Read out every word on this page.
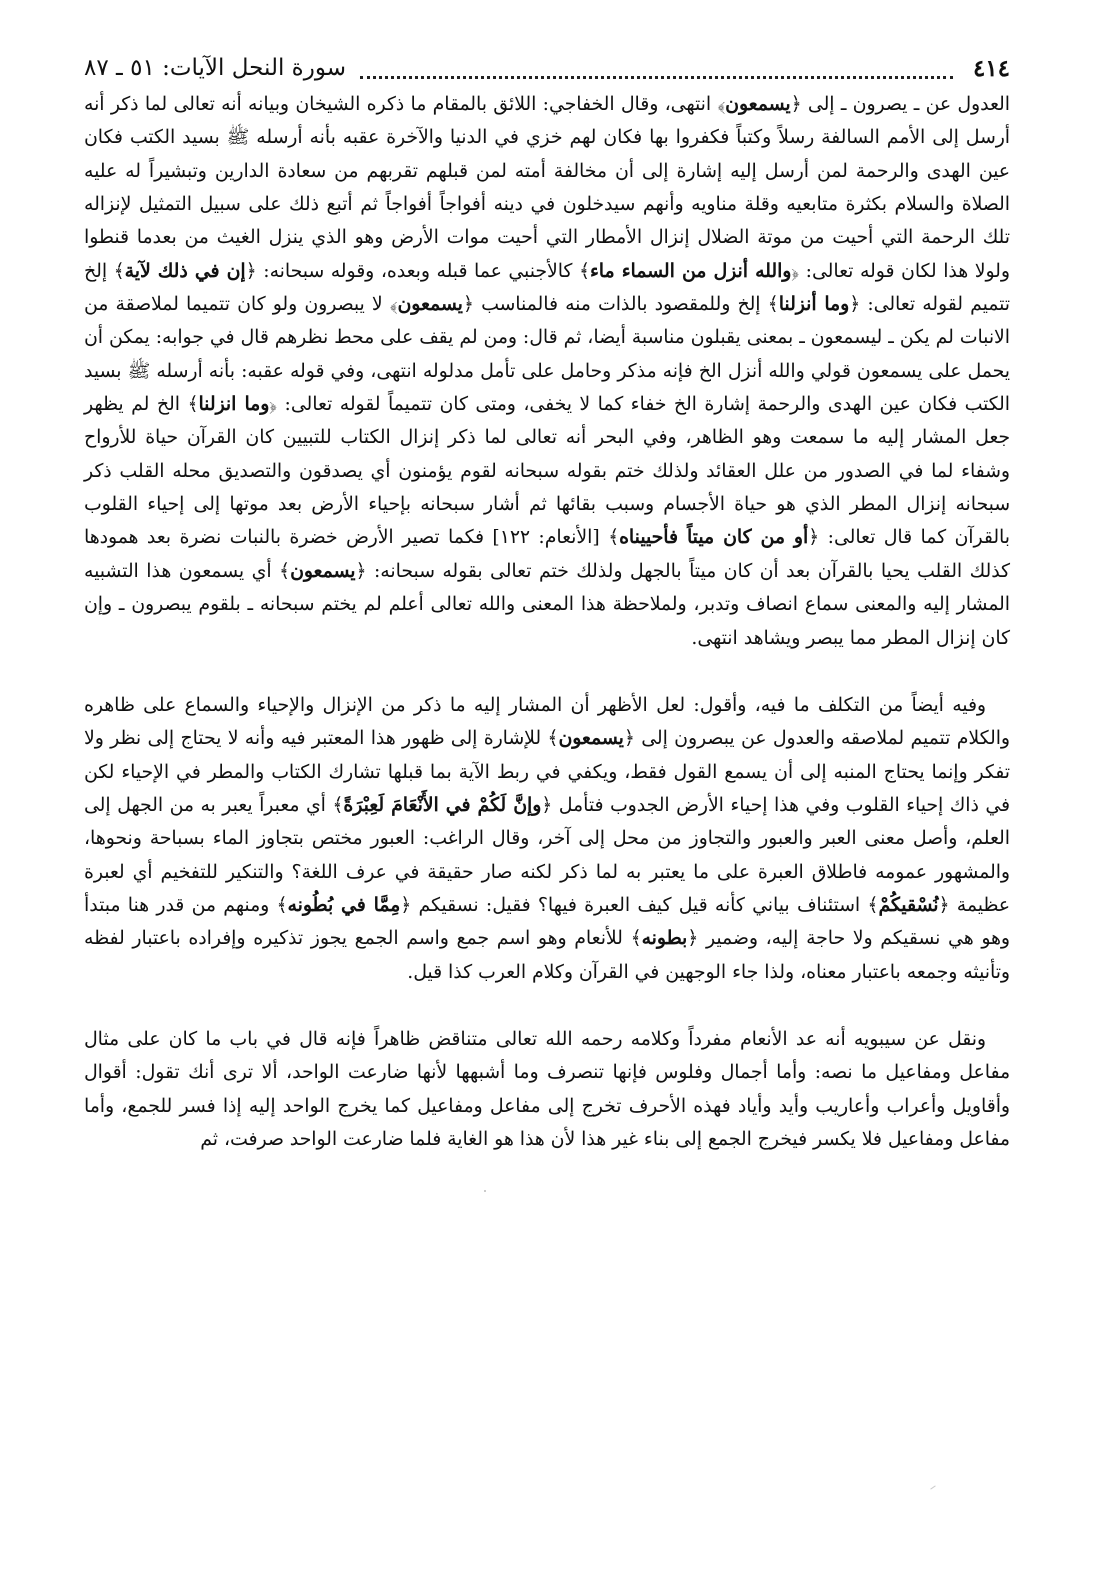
٤١٤
سورة النحل الآيات: ٥١ ـ ٨٧

العدول عن ـ يصرون ـ إلى ﴿يسمعون﴾ انتهى، وقال الخفاجي: اللائق بالمقام ما ذكره الشيخان وبيانه أنه تعالى لما ذكر أنه أرسل إلى الأمم السالفة رسلاً وكتباً فكفروا بها فكان لهم خزي في الدنيا والآخرة عقبه بأنه أرسله ﷺ بسيد الكتب فكان عين الهدى والرحمة لمن أرسل إليه إشارة إلى أن مخالفة أمته لمن قبلهم تقربهم من سعادة الدارين وتبشيراً له عليه الصلاة والسلام بكثرة متابعيه وقلة مناويه وأنهم سيدخلون في دينه أفواجاً أفواجاً ثم أتبع ذلك على سبيل التمثيل لإنزاله تلك الرحمة التي أحيت من موتة الضلال إنزال الأمطار التي أحيت موات الأرض وهو الذي ينزل الغيث من بعدما قنطوا ولولا هذا لكان قوله تعالى: ﴿والله أنزل من السماء ماء﴾ كالأجنبي عما قبله وبعده، وقوله سبحانه: ﴿إن في ذلك لآية﴾ إلخ تتميم لقوله تعالى: ﴿وما أنزلنا﴾ إلخ وللمقصود بالذات منه فالمناسب ﴿يسمعون﴾ لا يبصرون ولو كان تتميما لملاصقة من الانبات لم يكن ـ ليسمعون ـ بمعنى يقبلون مناسبة أيضا، ثم قال: ومن لم يقف على محط نظرهم قال في جوابه: يمكن أن يحمل على يسمعون قولي والله أنزل الخ فإنه مذكر وحامل على تأمل مدلوله انتهى، وفي قوله عقبه: بأنه أرسله ﷺ بسيد الكتب فكان عين الهدى والرحمة إشارة الخ خفاء كما لا يخفى، ومتى كان تتميماً لقوله تعالى: ﴿وما انزلنا﴾ الخ لم يظهر جعل المشار إليه ما سمعت وهو الظاهر، وفي البحر أنه تعالى لما ذكر إنزال الكتاب للتبيين كان القرآن حياة للأرواح وشفاء لما في الصدور من علل العقائد ولذلك ختم بقوله سبحانه لقوم يؤمنون أي يصدقون والتصديق محله القلب ذكر سبحانه إنزال المطر الذي هو حياة الأجسام وسبب بقائها ثم أشار سبحانه بإحياء الأرض بعد موتها إلى إحياء القلوب بالقرآن كما قال تعالى: ﴿أو من كان ميتاً فأحييناه﴾ [الأنعام: ١٢٢] فكما تصير الأرض خضرة بالنبات نضرة بعد همودها كذلك القلب يحيا بالقرآن بعد أن كان ميتاً بالجهل ولذلك ختم تعالى بقوله سبحانه: ﴿يسمعون﴾ أي يسمعون هذا التشبيه المشار إليه والمعنى سماع انصاف وتدبر، ولملاحظة هذا المعنى والله تعالى أعلم لم يختم سبحانه ـ بلقوم يبصرون ـ وإن كان إنزال المطر مما يبصر ويشاهد انتهى.

وفيه أيضاً من التكلف ما فيه، وأقول: لعل الأظهر أن المشار إليه ما ذكر من الإنزال والإحياء والسماع على ظاهره والكلام تتميم لملاصقه والعدول عن يبصرون إلى ﴿يسمعون﴾ للإشارة إلى ظهور هذا المعتبر فيه وأنه لا يحتاج إلى نظر ولا تفكر وإنما يحتاج المنبه إلى أن يسمع القول فقط، ويكفي في ربط الآية بما قبلها تشارك الكتاب والمطر في الإحياء لكن في ذاك إحياء القلوب وفي هذا إحياء الأرض الجدوب فتأمل ﴿وإنَّ لَكُمْ في الأَنْعَامَ لَعِبْرَةً﴾ أي معبراً يعبر به من الجهل إلى العلم، وأصل معنى العبر والعبور والتجاوز من محل إلى آخر، وقال الراغب: العبور مختص بتجاوز الماء بسباحة ونحوها، والمشهور عمومه فاطلاق العبرة على ما يعتبر به لما ذكر لكنه صار حقيقة في عرف اللغة؟ والتنكير للتفخيم أي لعبرة عظيمة ﴿نُسْقيكُمْ﴾ استئناف بياني كأنه قيل كيف العبرة فيها؟ فقيل: نسقيكم ﴿مِمَّا في بُطُونه﴾ ومنهم من قدر هنا مبتدأ وهو هي نسقيكم ولا حاجة إليه، وضمير ﴿بطونه﴾ للأنعام وهو اسم جمع واسم الجمع يجوز تذكيره وإفراده باعتبار لفظه وتأنيثه وجمعه باعتبار معناه، ولذا جاء الوجهين في القرآن وكلام العرب كذا قيل.

ونقل عن سيبويه أنه عد الأنعام مفرداً وكلامه رحمه الله تعالى متناقض ظاهراً فإنه قال في باب ما كان على مثال مفاعل ومفاعيل ما نصه: وأما أجمال وفلوس فإنها تنصرف وما أشبهها لأنها ضارعت الواحد، ألا ترى أنك تقول: أقوال وأقاويل وأعراب وأعاريب وأيد وأياد فهذه الأحرف تخرج إلى مفاعل ومفاعيل كما يخرج الواحد إليه إذا فسر للجمع، وأما مفاعل ومفاعيل فلا يكسر فيخرج الجمع إلى بناء غير هذا لأن هذا هو الغاية فلما ضارعت الواحد صرفت، ثم
